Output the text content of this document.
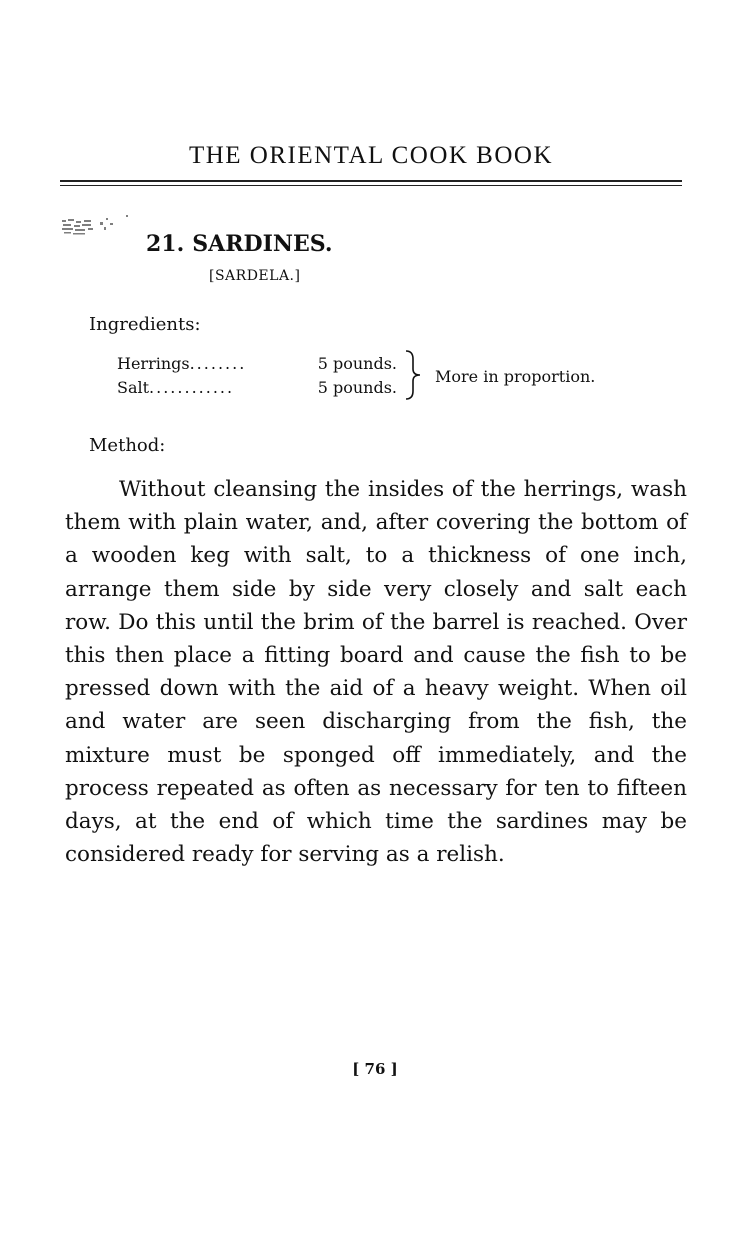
THE ORIENTAL COOK BOOK
21. SARDINES.
[SARDELA.]
Ingredients:
Herrings ........	5 pounds.
Salt ............	5 pounds.
More in proportion.
Method:
Without cleansing the insides of the herrings, wash them with plain water, and, after covering the bottom of a wooden keg with salt, to a thickness of one inch, arrange them side by side very closely and salt each row. Do this until the brim of the barrel is reached. Over this then place a fitting board and cause the fish to be pressed down with the aid of a heavy weight. When oil and water are seen discharging from the fish, the mixture must be sponged off immediately, and the process repeated as often as necessary for ten to fifteen days, at the end of which time the sardines may be considered ready for serving as a relish.
[ 76 ]
